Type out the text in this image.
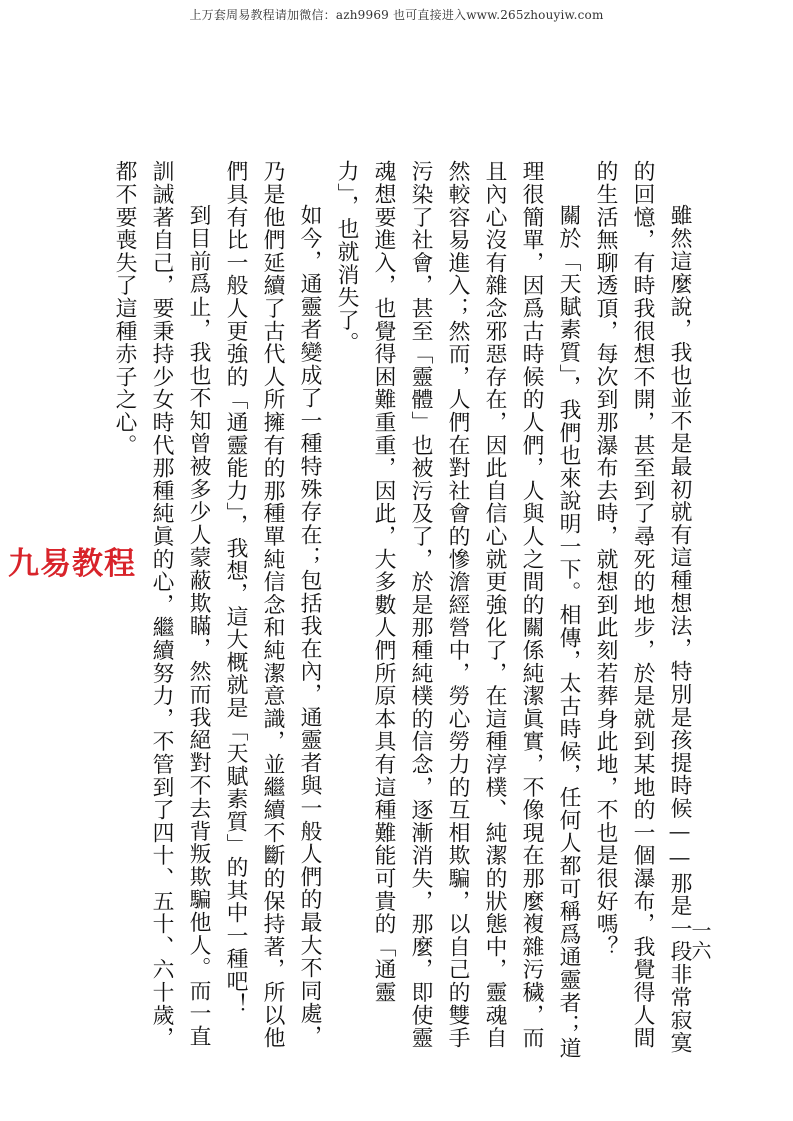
上万套周易教程请加微信：azh9969 也可直接进入www.265zhouyiw.com
一六

雖然這麼說，我也並不是最初就有這種想法，特別是孩提時候——那是一段非常寂寞的回憶，有時我很想不開，甚至到了尋死的地步，於是就到某地的一個瀑布，我覺得人間的生活無聊透頂，每次到那瀑布去時，就想到此刻若葬身此地，不也是很好嗎？

關於「天賦素質」，我們也來說明一下。相傳，太古時候，任何人都可稱爲通靈者；道理很簡單，因爲古時候的人們，人與人之間的關係純潔眞實，不像現在那麼複雜污穢，而且內心沒有雜念邪惡存在，因此自信心就更強化了，在這種淳樸、純潔的狀態中，靈魂自然較容易進入；然而，人們在對社會的慘澹經營中，勞心勞力的互相欺騙，以自己的雙手污染了社會，甚至「靈體」也被污及了，於是那種純樸的信念，逐漸消失，那麼，即使靈魂想要進入，也覺得困難重重，因此，大多數人們所原本具有這種難能可貴的「通靈力」，也就消失了。

如今，通靈者變成了一種特殊存在；包括我在內，通靈者與一般人們的最大不同處，乃是他們延續了古代人所擁有的那種單純信念和純潔意識，並繼續不斷的保持著，所以他們具有比一般人更強的「通靈能力」，我想，這大概就是「天賦素質」的其中一種吧！

到目前爲止，我也不知曾被多少人蒙蔽欺瞞，然而我絕對不去背叛欺騙他人。而一直訓誡著自己，要秉持少女時代那種純眞的心，繼續努力，不管到了四十、五十、六十歲，都不要喪失了這種赤子之心。

九易教程
